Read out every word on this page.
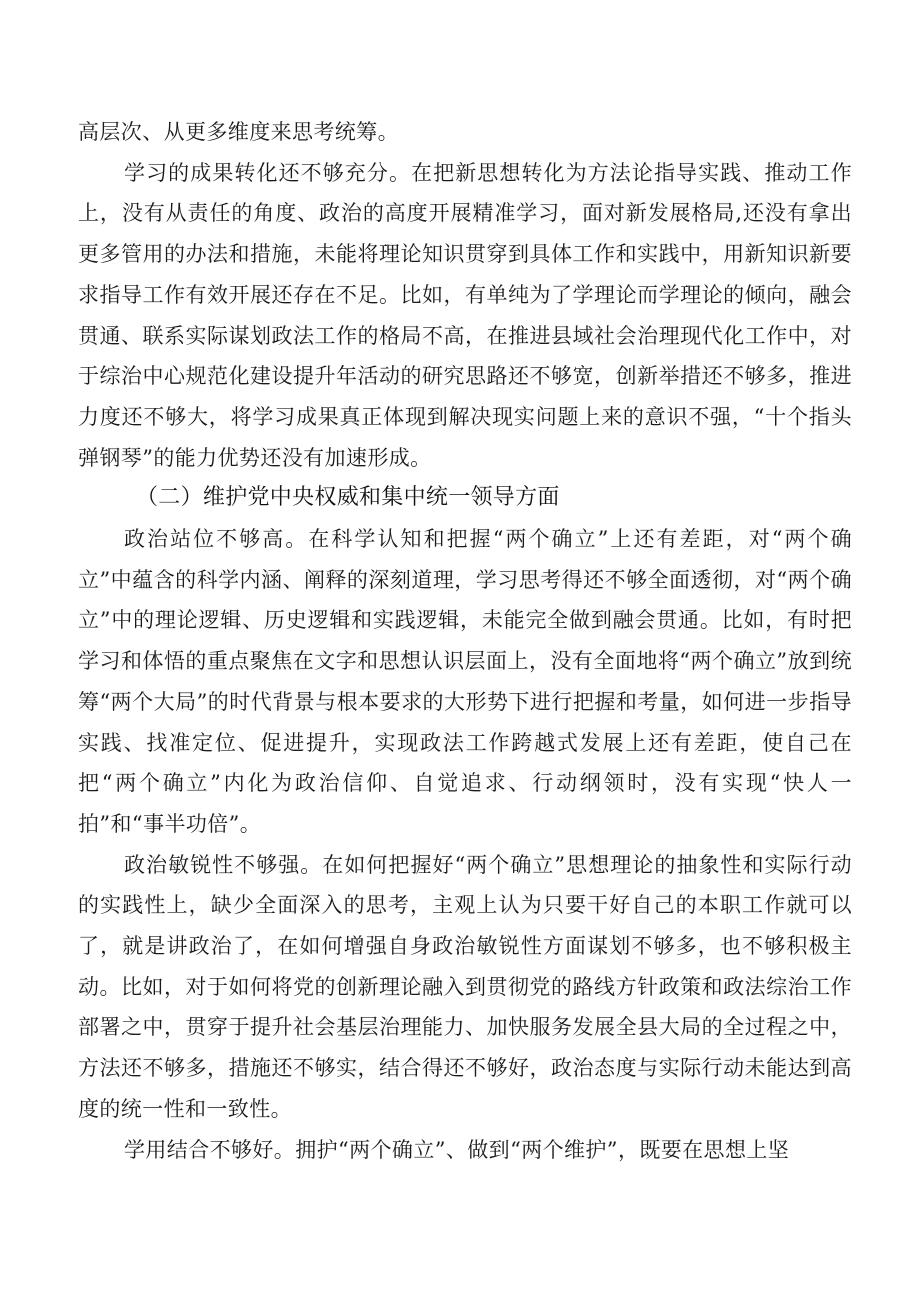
高层次、从更多维度来思考统筹。

学习的成果转化还不够充分。在把新思想转化为方法论指导实践、推动工作上，没有从责任的角度、政治的高度开展精准学习，面对新发展格局,还没有拿出更多管用的办法和措施，未能将理论知识贯穿到具体工作和实践中，用新知识新要求指导工作有效开展还存在不足。比如，有单纯为了学理论而学理论的倾向，融会贯通、联系实际谋划政法工作的格局不高，在推进县域社会治理现代化工作中，对于综治中心规范化建设提升年活动的研究思路还不够宽，创新举措还不够多，推进力度还不够大，将学习成果真正体现到解决现实问题上来的意识不强，“十个指头弹钢琴”的能力优势还没有加速形成。

（二）维护党中央权威和集中统一领导方面

政治站位不够高。在科学认知和把握“两个确立”上还有差距，对“两个确立”中蕴含的科学内涵、阐释的深刻道理，学习思考得还不够全面透彻，对“两个确立”中的理论逻辑、历史逻辑和实践逻辑，未能完全做到融会贯通。比如，有时把学习和体悟的重点聚焦在文字和思想认识层面上，没有全面地将“两个确立”放到统筹“两个大局”的时代背景与根本要求的大形势下进行把握和考量，如何进一步指导实践、找准定位、促进提升，实现政法工作跨越式发展上还有差距，使自己在把“两个确立”内化为政治信仰、自觉追求、行动纲领时，没有实现“快人一拍”和“事半功倍”。

政治敏锐性不够强。在如何把握好“两个确立”思想理论的抽象性和实际行动的实践性上，缺少全面深入的思考，主观上认为只要干好自己的本职工作就可以了，就是讲政治了，在如何增强自身政治敏锐性方面谋划不够多，也不够积极主动。比如，对于如何将党的创新理论融入到贯彻党的路线方针政策和政法综治工作部署之中，贯穿于提升社会基层治理能力、加快服务发展全县大局的全过程之中，方法还不够多，措施还不够实，结合得还不够好，政治态度与实际行动未能达到高度的统一性和一致性。

学用结合不够好。拥护“两个确立”、做到“两个维护”，既要在思想上坚
